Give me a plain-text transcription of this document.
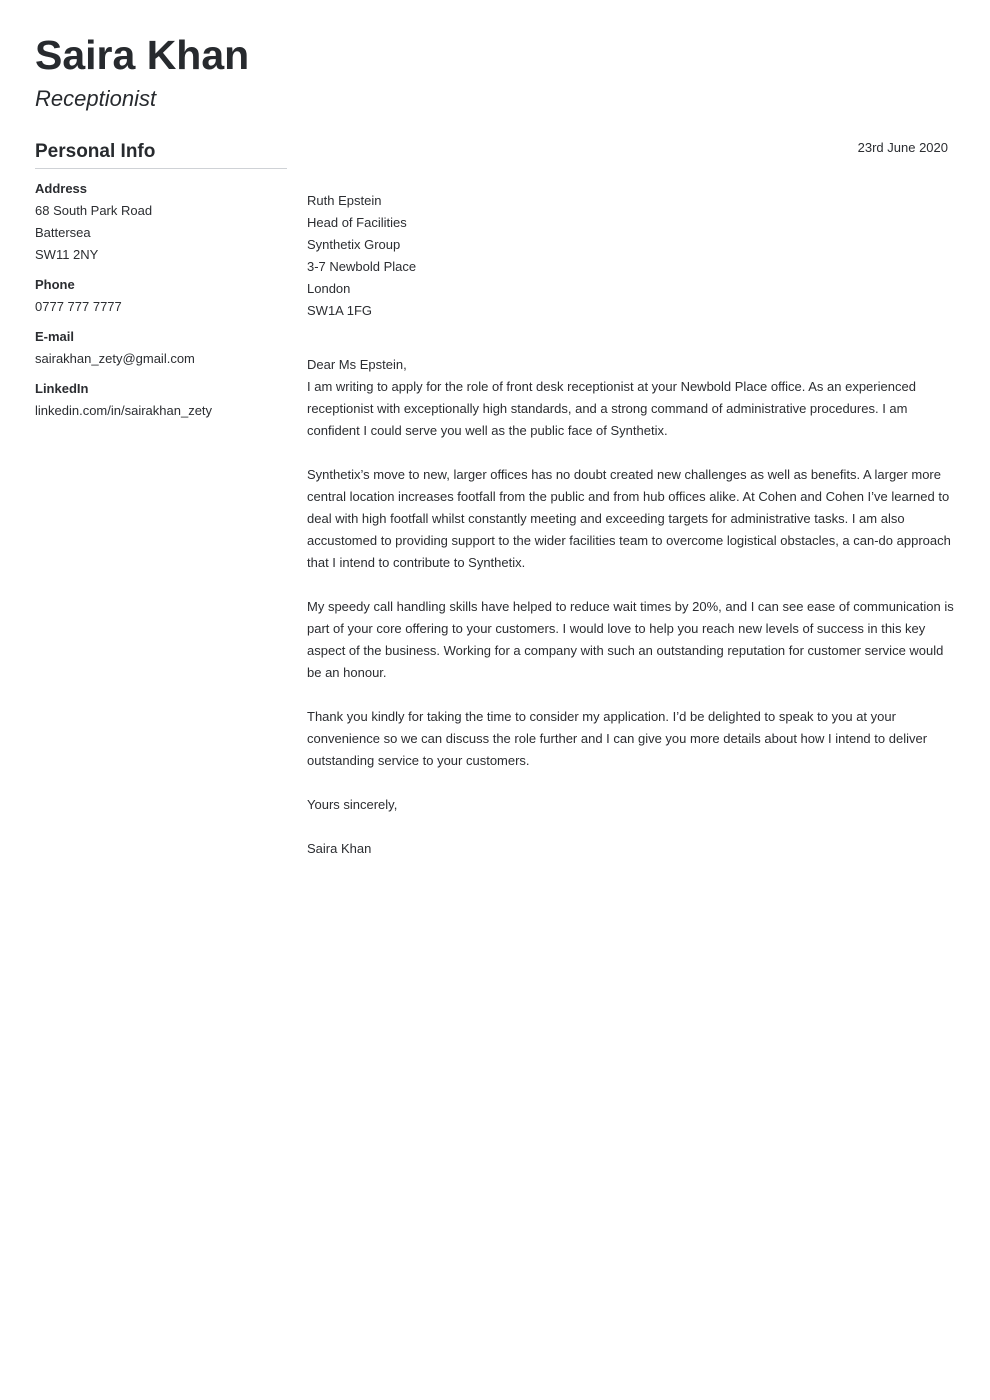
Saira Khan
Receptionist
Personal Info
Address
68 South Park Road
Battersea
SW11 2NY
Phone
0777 777 7777
E-mail
sairakhan_zety@gmail.com
LinkedIn
linkedin.com/in/sairakhan_zety
23rd June 2020
Ruth Epstein
Head of Facilities
Synthetix Group
3-7 Newbold Place
London
SW1A 1FG

Dear Ms Epstein,

I am writing to apply for the role of front desk receptionist at your Newbold Place office. As an experienced receptionist with exceptionally high standards, and a strong command of administrative procedures. I am confident I could serve you well as the public face of Synthetix.

Synthetix’s move to new, larger offices has no doubt created new challenges as well as benefits. A larger more central location increases footfall from the public and from hub offices alike. At Cohen and Cohen I’ve learned to deal with high footfall whilst constantly meeting and exceeding targets for administrative tasks. I am also accustomed to providing support to the wider facilities team to overcome logistical obstacles, a can-do approach that I intend to contribute to Synthetix.

My speedy call handling skills have helped to reduce wait times by 20%, and I can see ease of communication is part of your core offering to your customers. I would love to help you reach new levels of success in this key aspect of the business. Working for a company with such an outstanding reputation for customer service would be an honour.

Thank you kindly for taking the time to consider my application. I’d be delighted to speak to you at your convenience so we can discuss the role further and I can give you more details about how I intend to deliver outstanding service to your customers.

Yours sincerely,

Saira Khan
